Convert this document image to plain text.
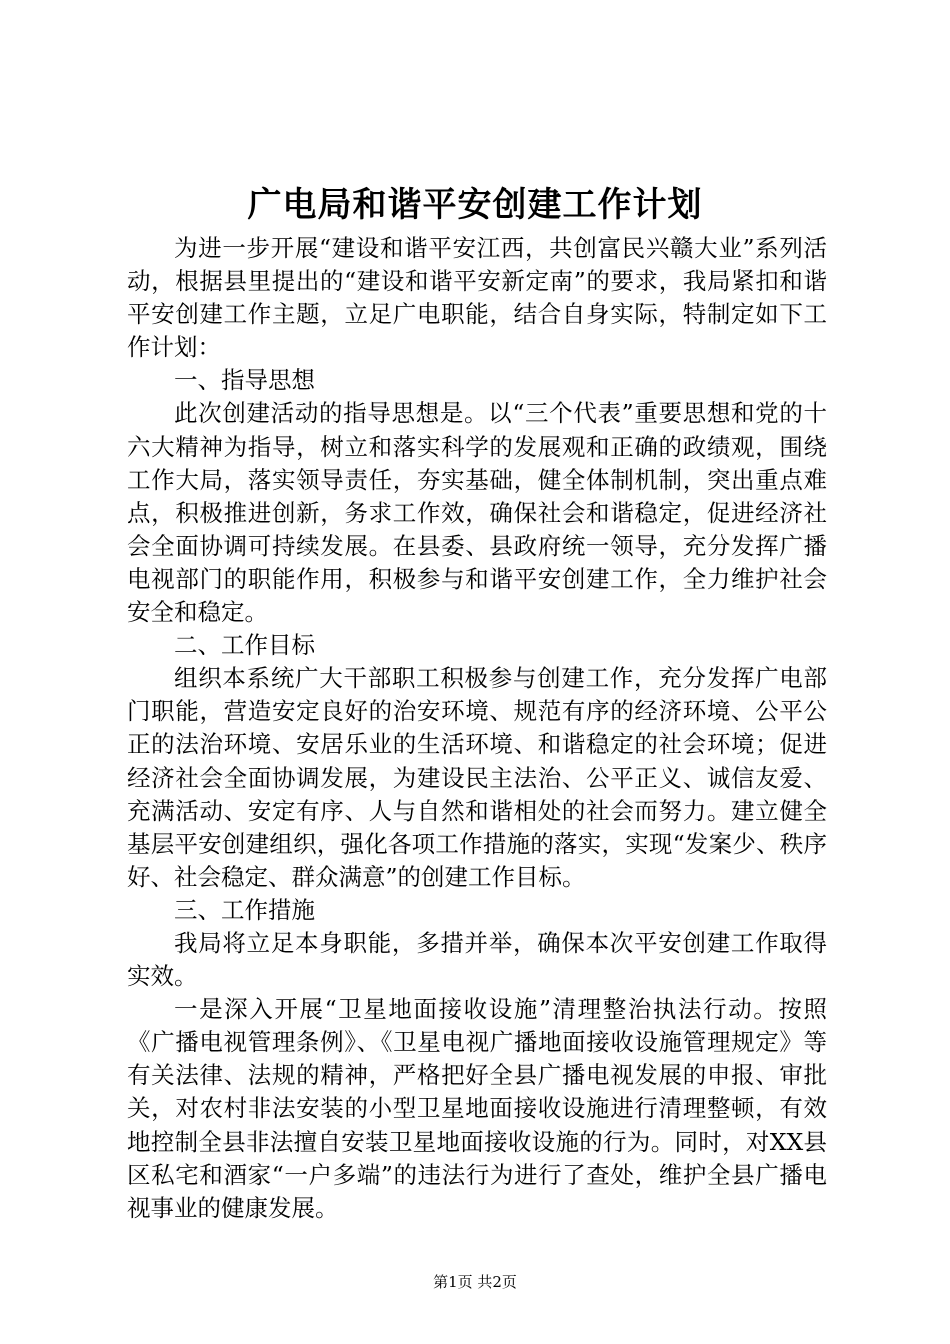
广电局和谐平安创建工作计划

为进一步开展“建设和谐平安江西，共创富民兴赣大业”系列活动，根据县里提出的“建设和谐平安新定南”的要求，我局紧扣和谐平安创建工作主题，立足广电职能，结合自身实际，特制定如下工作计划：

一、指导思想

此次创建活动的指导思想是。以“三个代表”重要思想和党的十六大精神为指导，树立和落实科学的发展观和正确的政绩观，围绕工作大局，落实领导责任，夯实基础，健全体制机制，突出重点难点，积极推进创新，务求工作效，确保社会和谐稳定，促进经济社会全面协调可持续发展。在县委、县政府统一领导，充分发挥广播电视部门的职能作用，积极参与和谐平安创建工作，全力维护社会安全和稳定。

二、工作目标

组织本系统广大干部职工积极参与创建工作，充分发挥广电部门职能，营造安定良好的治安环境、规范有序的经济环境、公平公正的法治环境、安居乐业的生活环境、和谐稳定的社会环境；促进经济社会全面协调发展，为建设民主法治、公平正义、诚信友爱、充满活动、安定有序、人与自然和谐相处的社会而努力。建立健全基层平安创建组织，强化各项工作措施的落实，实现“发案少、秩序好、社会稳定、群众满意”的创建工作目标。

三、工作措施

我局将立足本身职能，多措并举，确保本次平安创建工作取得实效。

一是深入开展“卫星地面接收设施”清理整治执法行动。按照《广播电视管理条例》、《卫星电视广播地面接收设施管理规定》等有关法律、法规的精神，严格把好全县广播电视发展的申报、审批关，对农村非法安装的小型卫星地面接收设施进行清理整顿，有效地控制全县非法擅自安装卫星地面接收设施的行为。同时，对XX县区私宅和酒家“一户多端”的违法行为进行了查处，维护全县广播电视事业的健康发展。

第1页 共2页
